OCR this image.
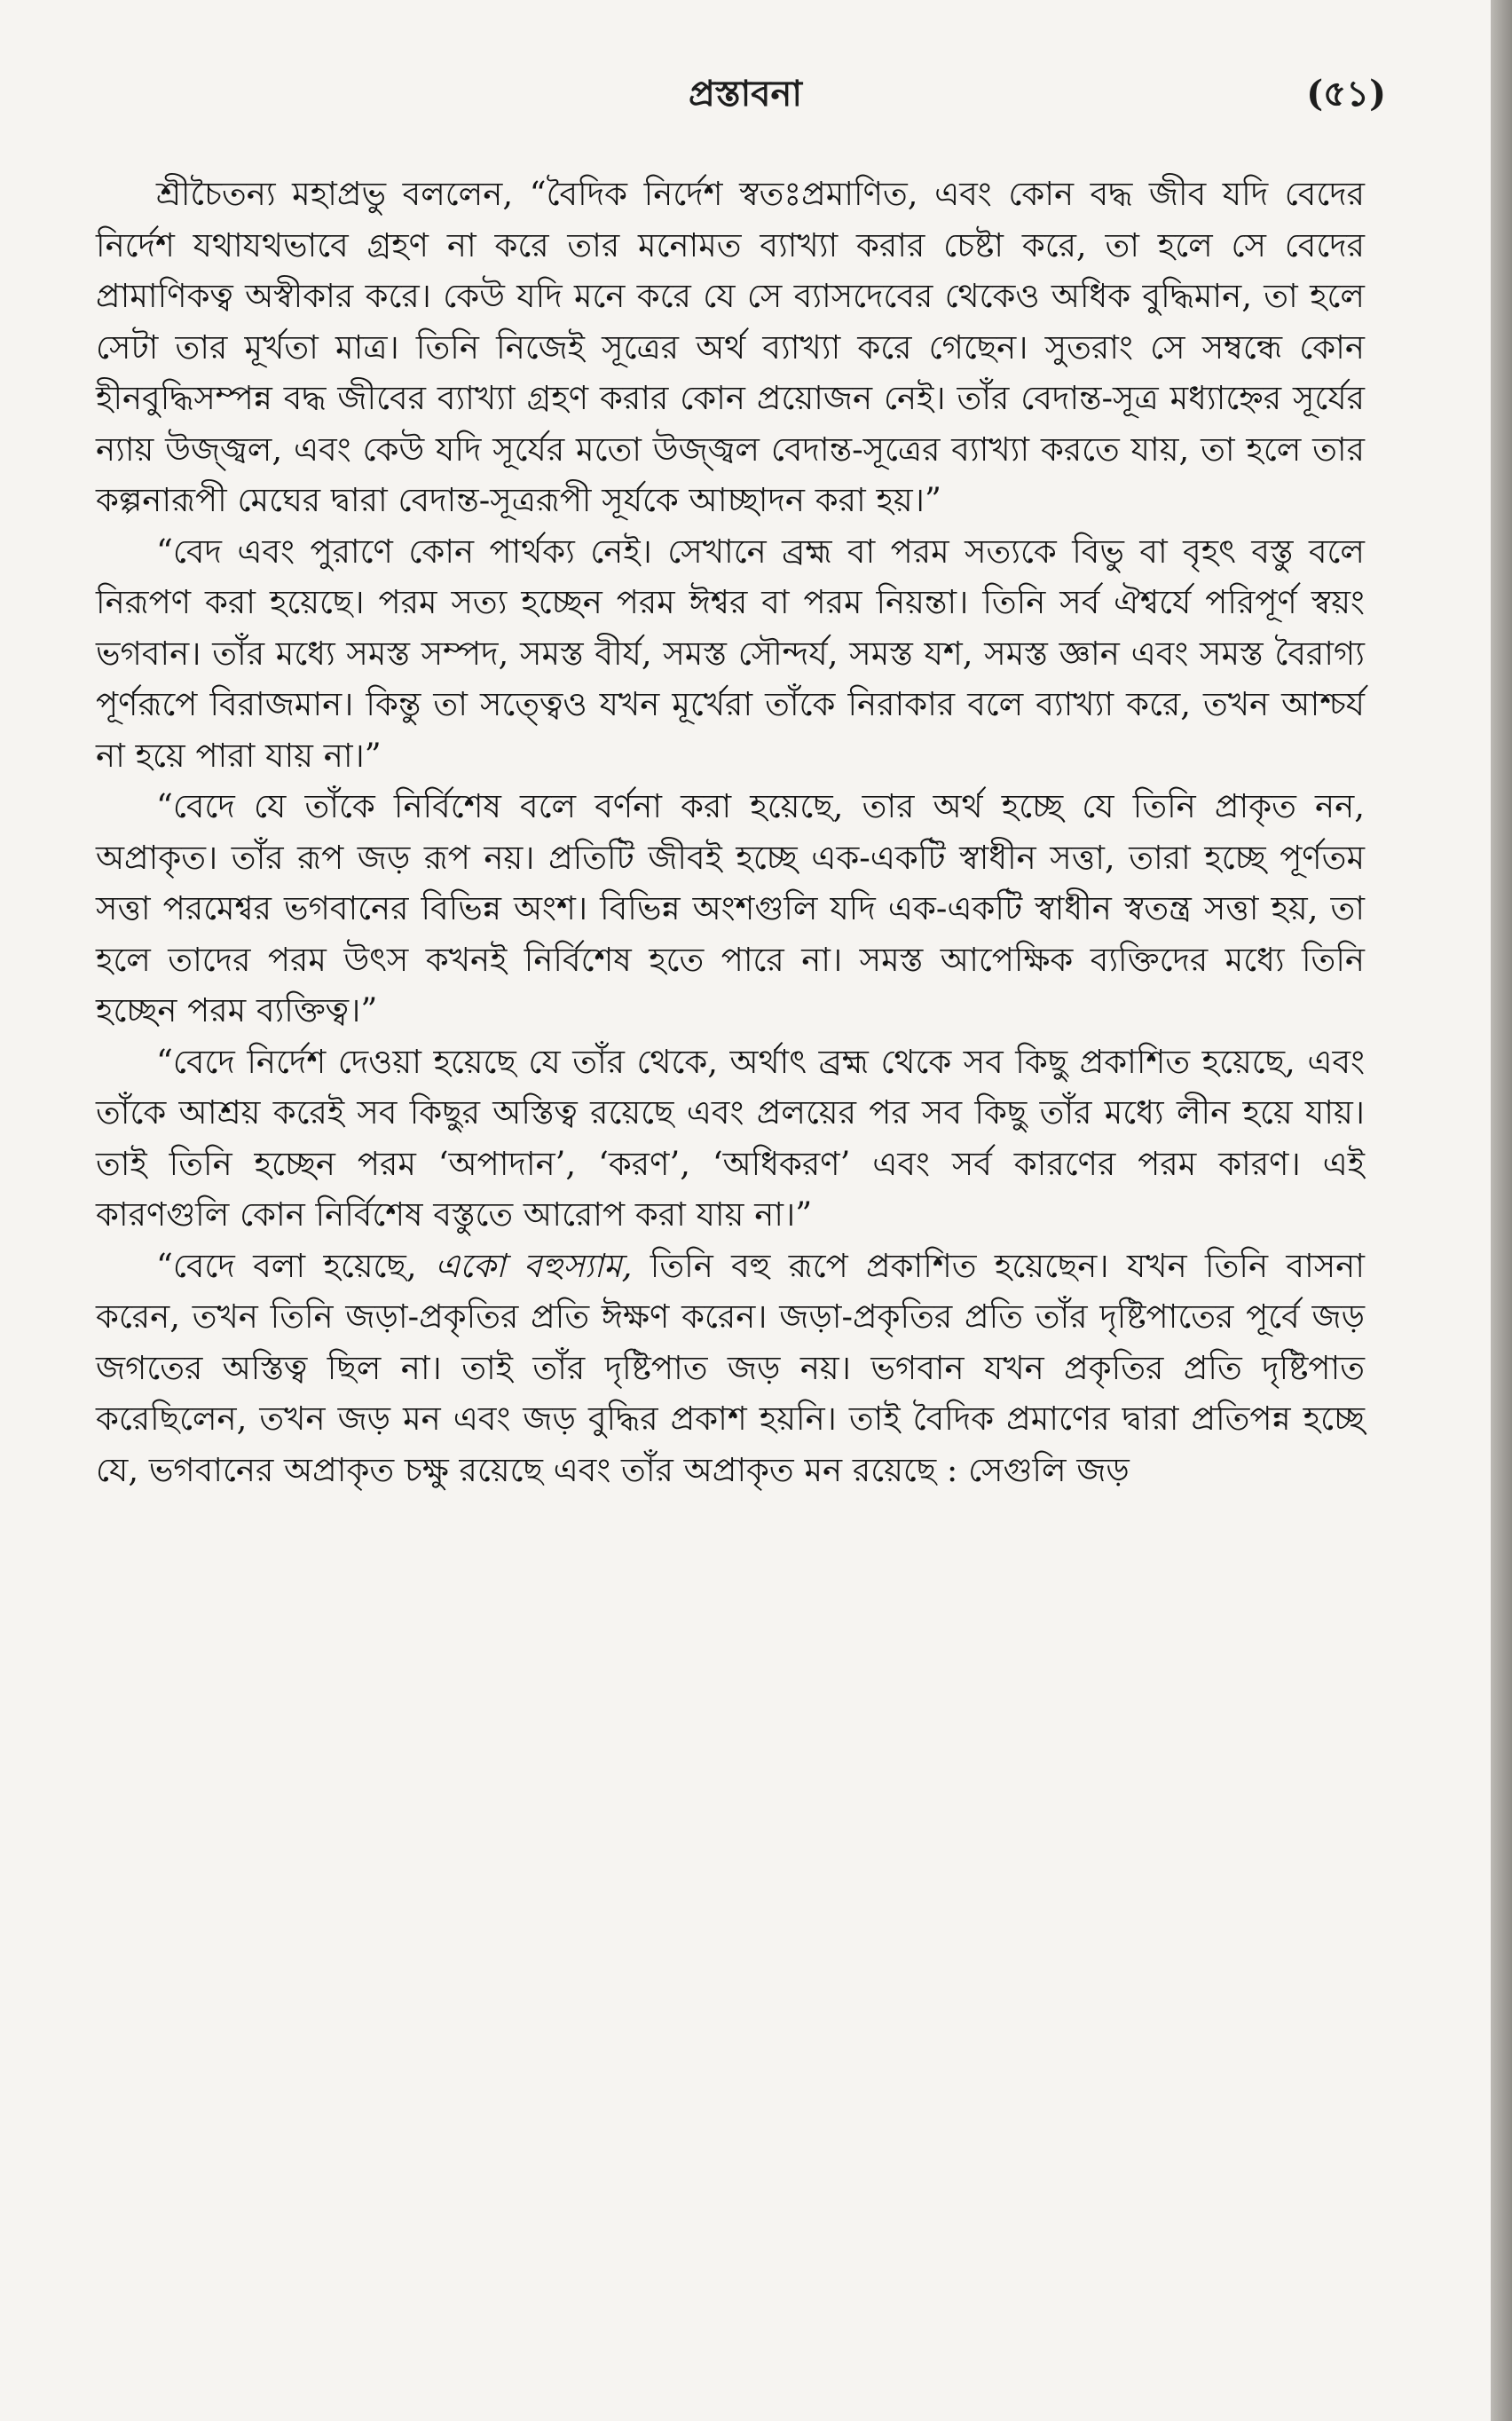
প্রস্তাবনা	(৫১)

শ্রীচৈতন্য মহাপ্রভু বললেন, “বৈদিক নির্দেশ স্বতঃপ্রমাণিত, এবং কোন বদ্ধ জীব যদি বেদের নির্দেশ যথাযথভাবে গ্রহণ না করে তার মনোমত ব্যাখ্যা করার চেষ্টা করে, তা হলে সে বেদের প্রামাণিকত্ব অস্বীকার করে। কেউ যদি মনে করে যে সে ব্যাসদেবের থেকেও অধিক বুদ্ধিমান, তা হলে সেটা তার মূর্খতা মাত্র। তিনি নিজেই সূত্রের অর্থ ব্যাখ্যা করে গেছেন। সুতরাং সে সম্বন্ধে কোন হীনবুদ্ধিসম্পন্ন বদ্ধ জীবের ব্যাখ্যা গ্রহণ করার কোন প্রয়োজন নেই। তাঁর বেদান্ত-সূত্র মধ্যাহ্নের সূর্যের ন্যায় উজ্জ্বল, এবং কেউ যদি সূর্যের মতো উজ্জ্বল বেদান্ত-সূত্রের ব্যাখ্যা করতে যায়, তা হলে তার কল্পনারূপী মেঘের দ্বারা বেদান্ত-সূত্ররূপী সূর্যকে আচ্ছাদন করা হয়।”

“বেদ এবং পুরাণে কোন পার্থক্য নেই। সেখানে ব্রহ্ম বা পরম সত্যকে বিভু বা বৃহৎ বস্তু বলে নিরূপণ করা হয়েছে। পরম সত্য হচ্ছেন পরম ঈশ্বর বা পরম নিয়ন্তা। তিনি সর্ব ঐশ্বর্যে পরিপূর্ণ স্বয়ং ভগবান। তাঁর মধ্যে সমস্ত সম্পদ, সমস্ত বীর্য, সমস্ত সৌন্দর্য, সমস্ত যশ, সমস্ত জ্ঞান এবং সমস্ত বৈরাগ্য পূর্ণরূপে বিরাজমান। কিন্তু তা সত্ত্বেও যখন মূর্খেরা তাঁকে নিরাকার বলে ব্যাখ্যা করে, তখন আশ্চর্য না হয়ে পারা যায় না।”

“বেদে যে তাঁকে নির্বিশেষ বলে বর্ণনা করা হয়েছে, তার অর্থ হচ্ছে যে তিনি প্রাকৃত নন, অপ্রাকৃত। তাঁর রূপ জড় রূপ নয়। প্রতিটি জীবই হচ্ছে এক-একটি স্বাধীন সত্তা, তারা হচ্ছে পূর্ণতম সত্তা পরমেশ্বর ভগবানের বিভিন্ন অংশ। বিভিন্ন অংশগুলি যদি এক-একটি স্বাধীন স্বতন্ত্র সত্তা হয়, তা হলে তাদের পরম উৎস কখনই নির্বিশেষ হতে পারে না। সমস্ত আপেক্ষিক ব্যক্তিদের মধ্যে তিনি হচ্ছেন পরম ব্যক্তিত্ব।”

“বেদে নির্দেশ দেওয়া হয়েছে যে তাঁর থেকে, অর্থাৎ ব্রহ্ম থেকে সব কিছু প্রকাশিত হয়েছে, এবং তাঁকে আশ্রয় করেই সব কিছুর অস্তিত্ব রয়েছে এবং প্রলয়ের পর সব কিছু তাঁর মধ্যে লীন হয়ে যায়। তাই তিনি হচ্ছেন পরম ‘অপাদান’, ‘করণ’, ‘অধিকরণ’ এবং সর্ব কারণের পরম কারণ। এই কারণগুলি কোন নির্বিশেষ বস্তুতে আরোপ করা যায় না।”

“বেদে বলা হয়েছে, একো বহুস্যাম, তিনি বহু রূপে প্রকাশিত হয়েছেন। যখন তিনি বাসনা করেন, তখন তিনি জড়া-প্রকৃতির প্রতি ঈক্ষণ করেন। জড়া-প্রকৃতির প্রতি তাঁর দৃষ্টিপাতের পূর্বে জড় জগতের অস্তিত্ব ছিল না। তাই তাঁর দৃষ্টিপাত জড় নয়। ভগবান যখন প্রকৃতির প্রতি দৃষ্টিপাত করেছিলেন, তখন জড় মন এবং জড় বুদ্ধির প্রকাশ হয়নি। তাই বৈদিক প্রমাণের দ্বারা প্রতিপন্ন হচ্ছে যে, ভগবানের অপ্রাকৃত চক্ষু রয়েছে এবং তাঁর অপ্রাকৃত মন রয়েছে : সেগুলি জড়
